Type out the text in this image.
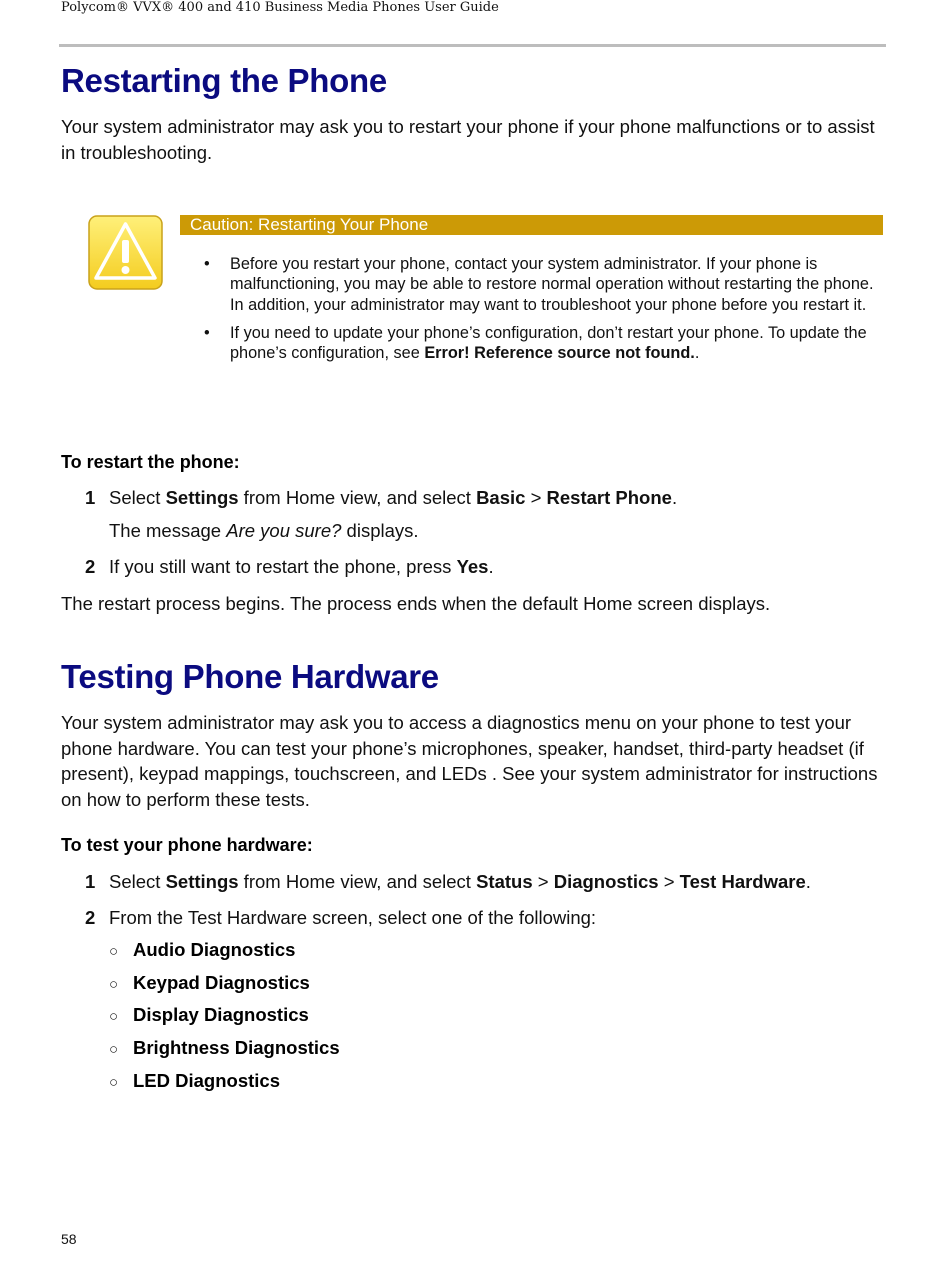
Polycom® VVX® 400 and 410 Business Media Phones User Guide
Restarting the Phone

Your system administrator may ask you to restart your phone if your phone malfunctions or to assist in troubleshooting.

Caution: Restarting Your Phone
• Before you restart your phone, contact your system administrator. If your phone is malfunctioning, you may be able to restore normal operation without restarting the phone. In addition, your administrator may want to troubleshoot your phone before you restart it.
• If you need to update your phone’s configuration, don’t restart your phone. To update the phone’s configuration, see Error! Reference source not found..
To restart the phone:
1 Select Settings from Home view, and select Basic > Restart Phone.
The message Are you sure? displays.
2 If you still want to restart the phone, press Yes.

The restart process begins. The process ends when the default Home screen displays.

Testing Phone Hardware

Your system administrator may ask you to access a diagnostics menu on your phone to test your phone hardware. You can test your phone’s microphones, speaker, handset, third-party headset (if present), keypad mappings, touchscreen, and LEDs . See your system administrator for instructions on how to perform these tests.

To test your phone hardware:
1 Select Settings from Home view, and select Status > Diagnostics > Test Hardware.
2 From the Test Hardware screen, select one of the following:
○ Audio Diagnostics
○ Keypad Diagnostics
○ Display Diagnostics
○ Brightness Diagnostics
○ LED Diagnostics
58
